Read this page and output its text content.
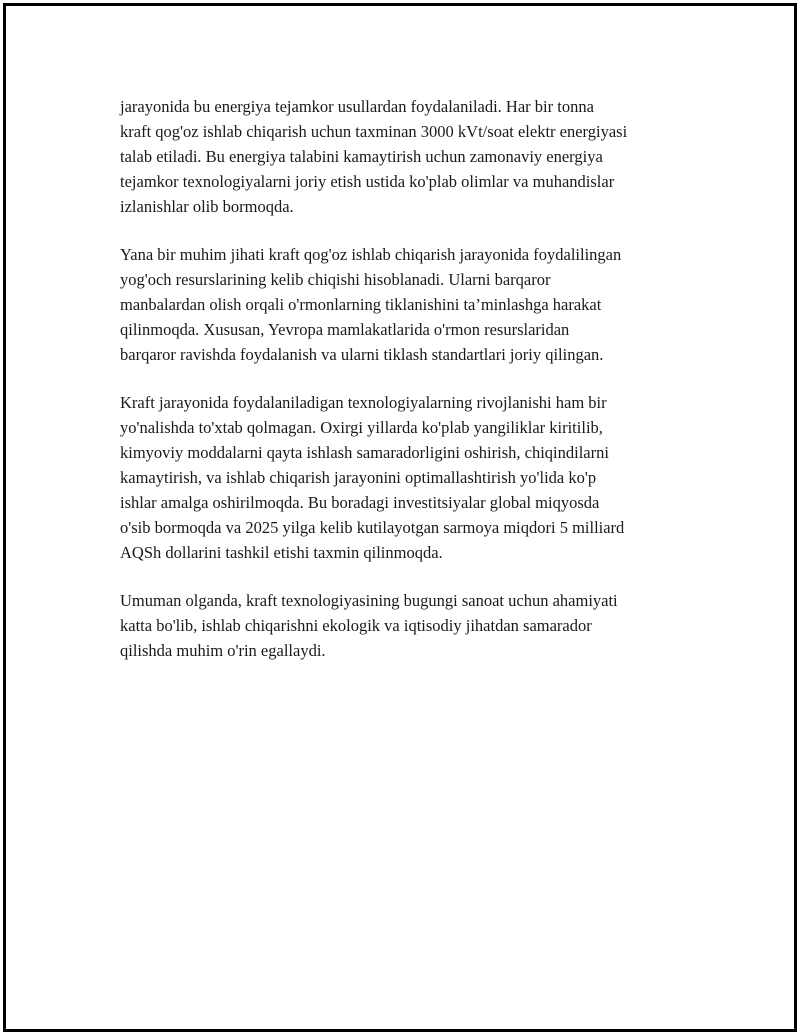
jarayonida bu energiya tejamkor usullardan foydalaniladi. Har bir tonna
kraft qog'oz ishlab chiqarish uchun taxminan 3000 kVt/soat elektr energiyasi
talab etiladi. Bu energiya talabini kamaytirish uchun zamonaviy energiya
tejamkor texnologiyalarni joriy etish ustida ko'plab olimlar va muhandislar
izlanishlar olib bormoqda.

Yana bir muhim jihati kraft qog'oz ishlab chiqarish jarayonida foydalilingan
yog'och resurslarining kelib chiqishi hisoblanadi. Ularni barqaror
manbalardan olish orqali o'rmonlarning tiklanishini ta’minlashga harakat
qilinmoqda. Xususan, Yevropa mamlakatlarida o'rmon resurslaridan
barqaror ravishda foydalanish va ularni tiklash standartlari joriy qilingan.

Kraft jarayonida foydalaniladigan texnologiyalarning rivojlanishi ham bir
yo'nalishda to'xtab qolmagan. Oxirgi yillarda ko'plab yangiliklar kiritilib,
kimyoviy moddalarni qayta ishlash samaradorligini oshirish, chiqindilarni
kamaytirish, va ishlab chiqarish jarayonini optimallashtirish yo'lida ko'p
ishlar amalga oshirilmoqda. Bu boradagi investitsiyalar global miqyosda
o'sib bormoqda va 2025 yilga kelib kutilayotgan sarmoya miqdori 5 milliard
AQSh dollarini tashkil etishi taxmin qilinmoqda.

Umuman olganda, kraft texnologiyasining bugungi sanoat uchun ahamiyati
katta bo'lib, ishlab chiqarishni ekologik va iqtisodiy jihatdan samarador
qilishda muhim o'rin egallaydi.
